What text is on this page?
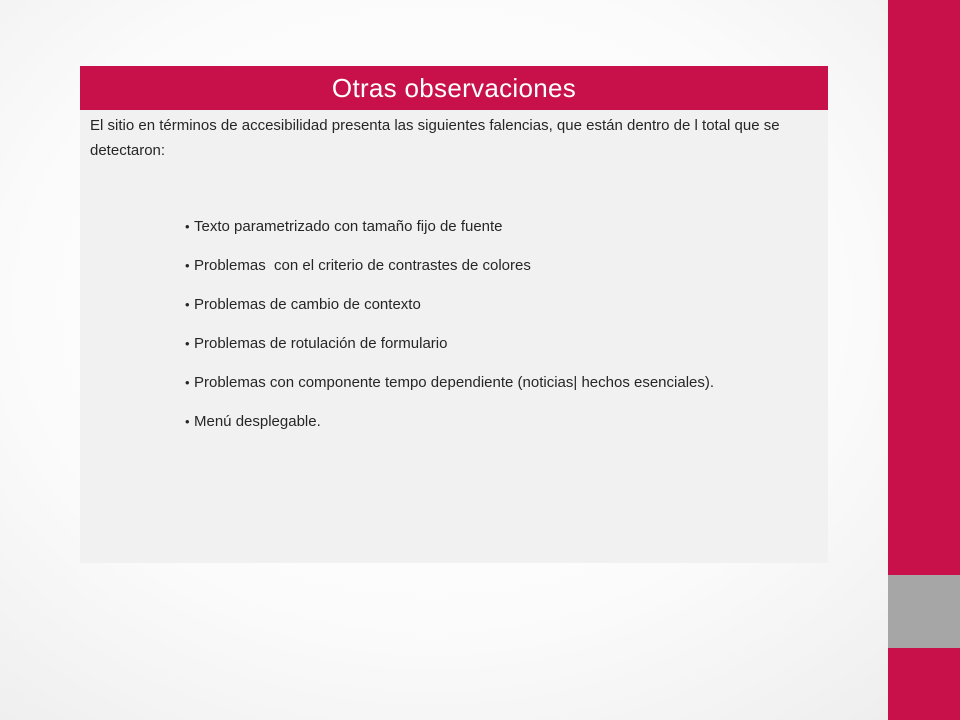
Otras observaciones

El sitio en términos de accesibilidad presenta las siguientes falencias, que están dentro de l total que se detectaron:

• Texto parametrizado con tamaño fijo de fuente
• Problemas  con el criterio de contrastes de colores
• Problemas de cambio de contexto
• Problemas de rotulación de formulario
• Problemas con componente tempo dependiente (noticias| hechos esenciales).
• Menú desplegable.
